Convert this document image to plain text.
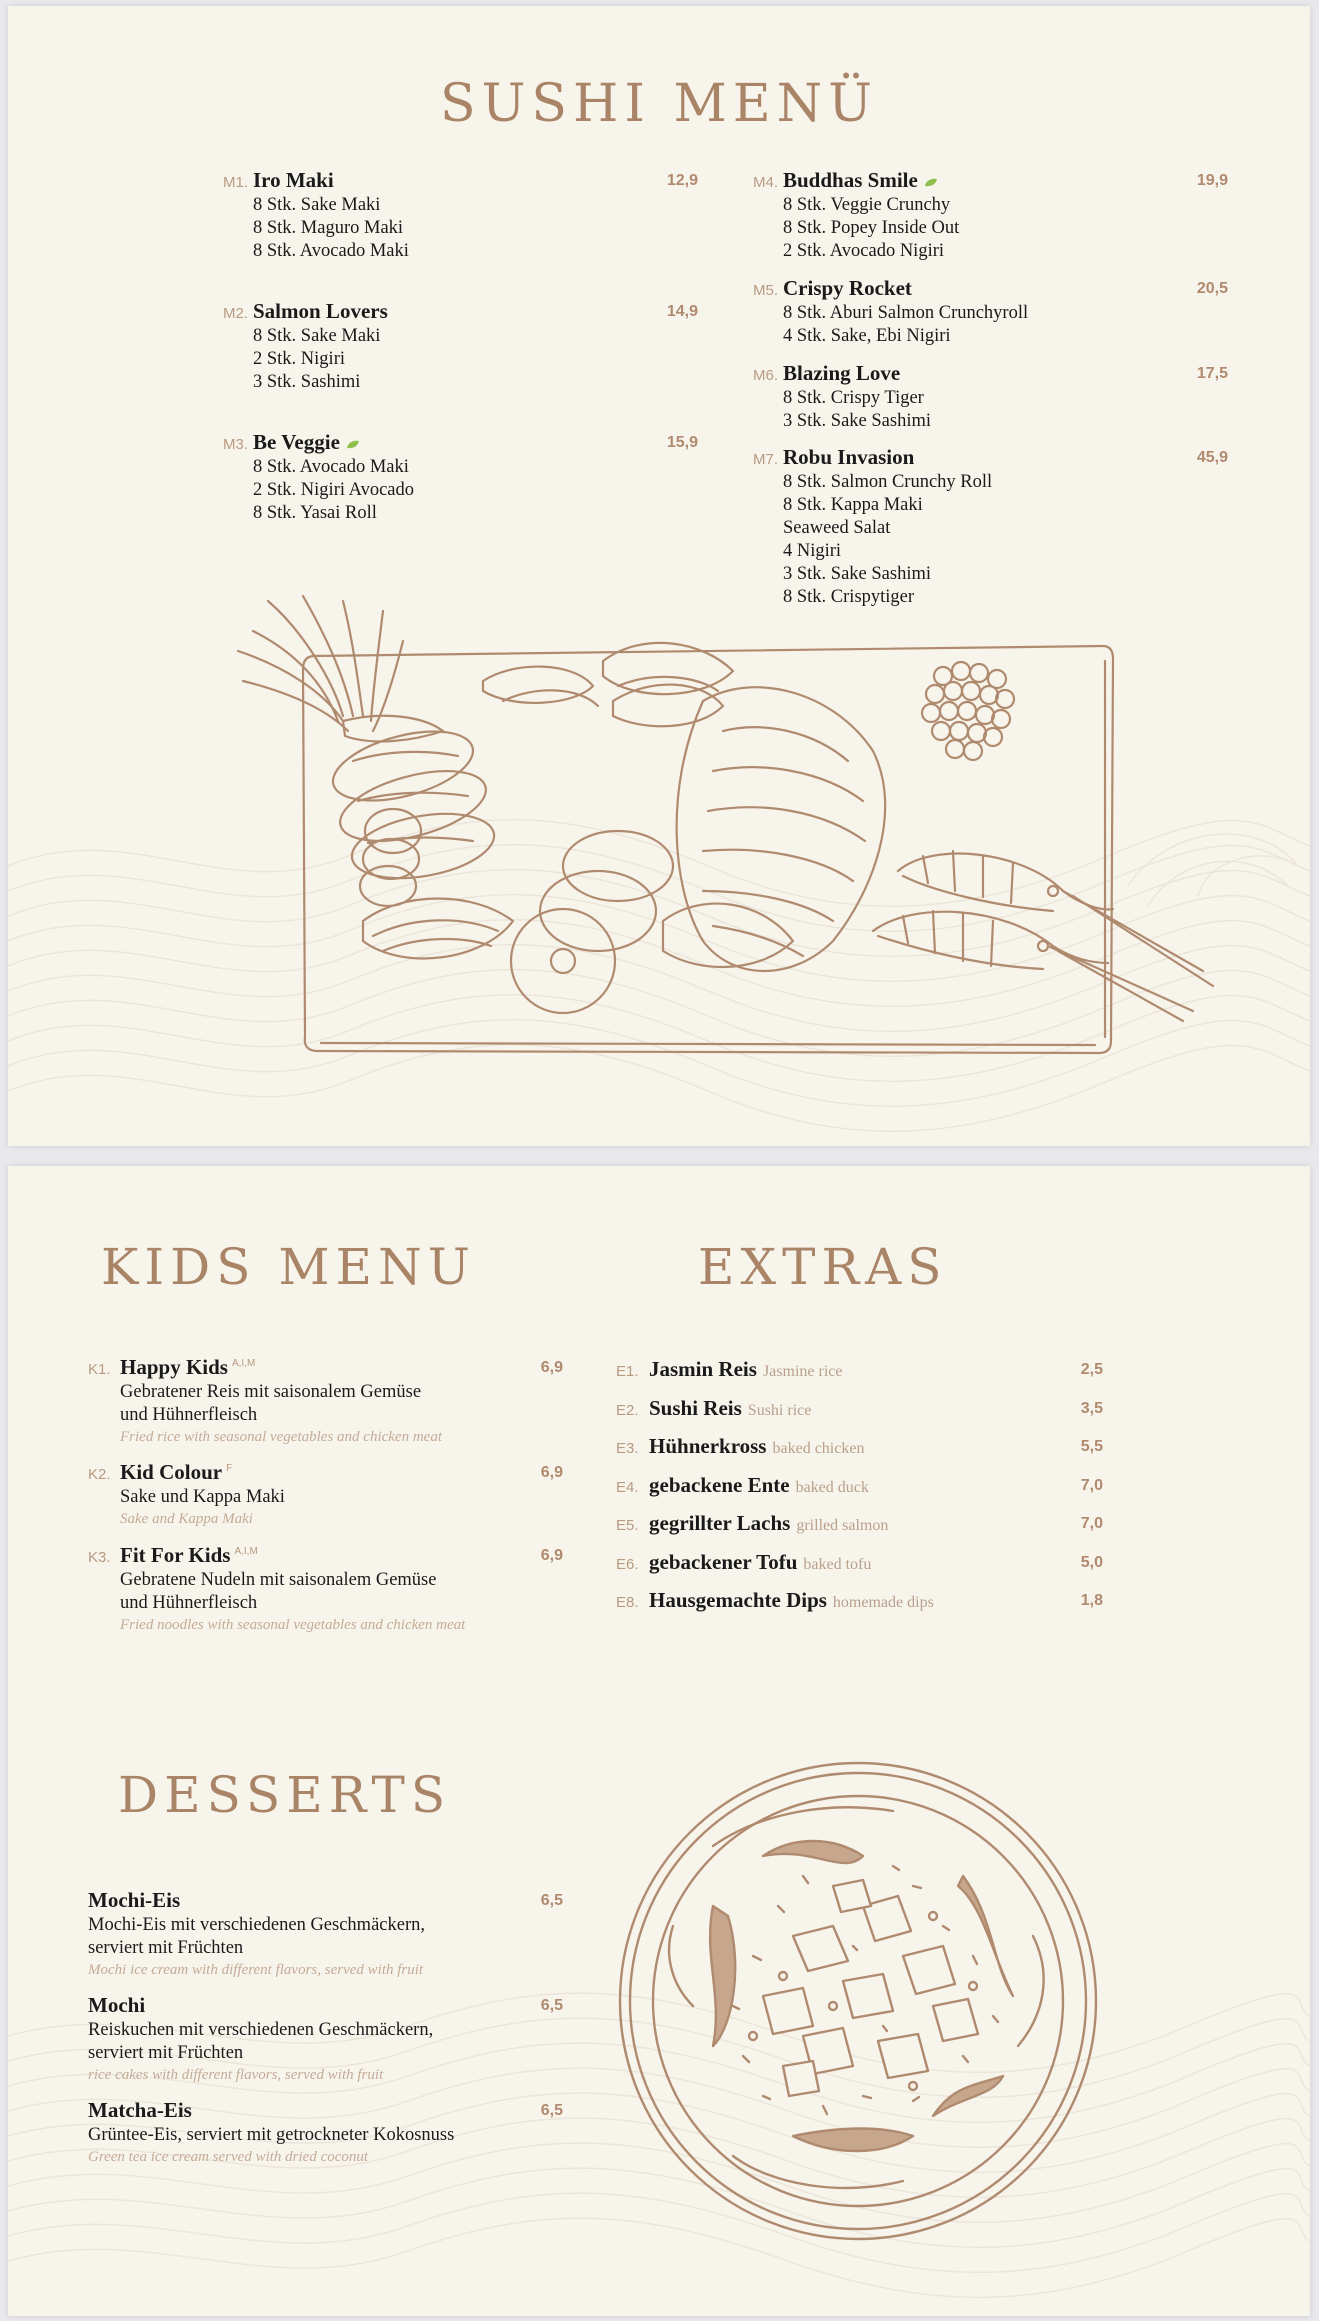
SUSHI MENÜ
M1. Iro Maki	12,9
8 Stk. Sake Maki
8 Stk. Maguro Maki
8 Stk. Avocado Maki
M2. Salmon Lovers	14,9
8 Stk. Sake Maki
2 Stk. Nigiri
3 Stk. Sashimi
M3. Be Veggie	15,9
8 Stk. Avocado Maki
2 Stk. Nigiri Avocado
8 Stk. Yasai Roll
M4. Buddhas Smile	19,9
8 Stk. Veggie Crunchy
8 Stk. Popey Inside Out
2 Stk. Avocado Nigiri
M5. Crispy Rocket	20,5
8 Stk. Aburi Salmon Crunchyroll
4 Stk. Sake, Ebi Nigiri
M6. Blazing Love	17,5
8 Stk. Crispy Tiger
3 Stk. Sake Sashimi
M7. Robu Invasion	45,9
8 Stk. Salmon Crunchy Roll
8 Stk. Kappa Maki
Seaweed Salat
4 Nigiri
3 Stk. Sake Sashimi
8 Stk. Crispytiger
KIDS MENU	EXTRAS
K1. Happy Kids $^{A,I,M}$	6,9
Gebratener Reis mit saisonalem Gemüse
und Hühnerfleisch
Fried rice with seasonal vegetables and chicken meat
K2. Kid Colour $^F$	6,9
Sake und Kappa Maki
Sake and Kappa Maki
K3. Fit For Kids $^{A,I,M}$	6,9
Gebratene Nudeln mit saisonalem Gemüse
und Hühnerfleisch
Fried noodles with seasonal vegetables and chicken meat
E1. Jasmin Reis Jasmine rice	2,5
E2. Sushi Reis Sushi rice	3,5
E3. Hühnerkross baked chicken	5,5
E4. gebackene Ente baked duck	7,0
E5. gegrillter Lachs grilled salmon	7,0
E6. gebackener Tofu baked tofu	5,0
E8. Hausgemachte Dips homemade dips	1,8
DESSERTS
Mochi-Eis	6,5
Mochi-Eis mit verschiedenen Geschmäckern,
serviert mit Früchten
Mochi ice cream with different flavors, served with fruit
Mochi	6,5
Reiskuchen mit verschiedenen Geschmäckern,
serviert mit Früchten
rice cakes with different flavors, served with fruit
Matcha-Eis	6,5
Grüntee-Eis, serviert mit getrockneter Kokosnuss
Green tea ice cream served with dried coconut
